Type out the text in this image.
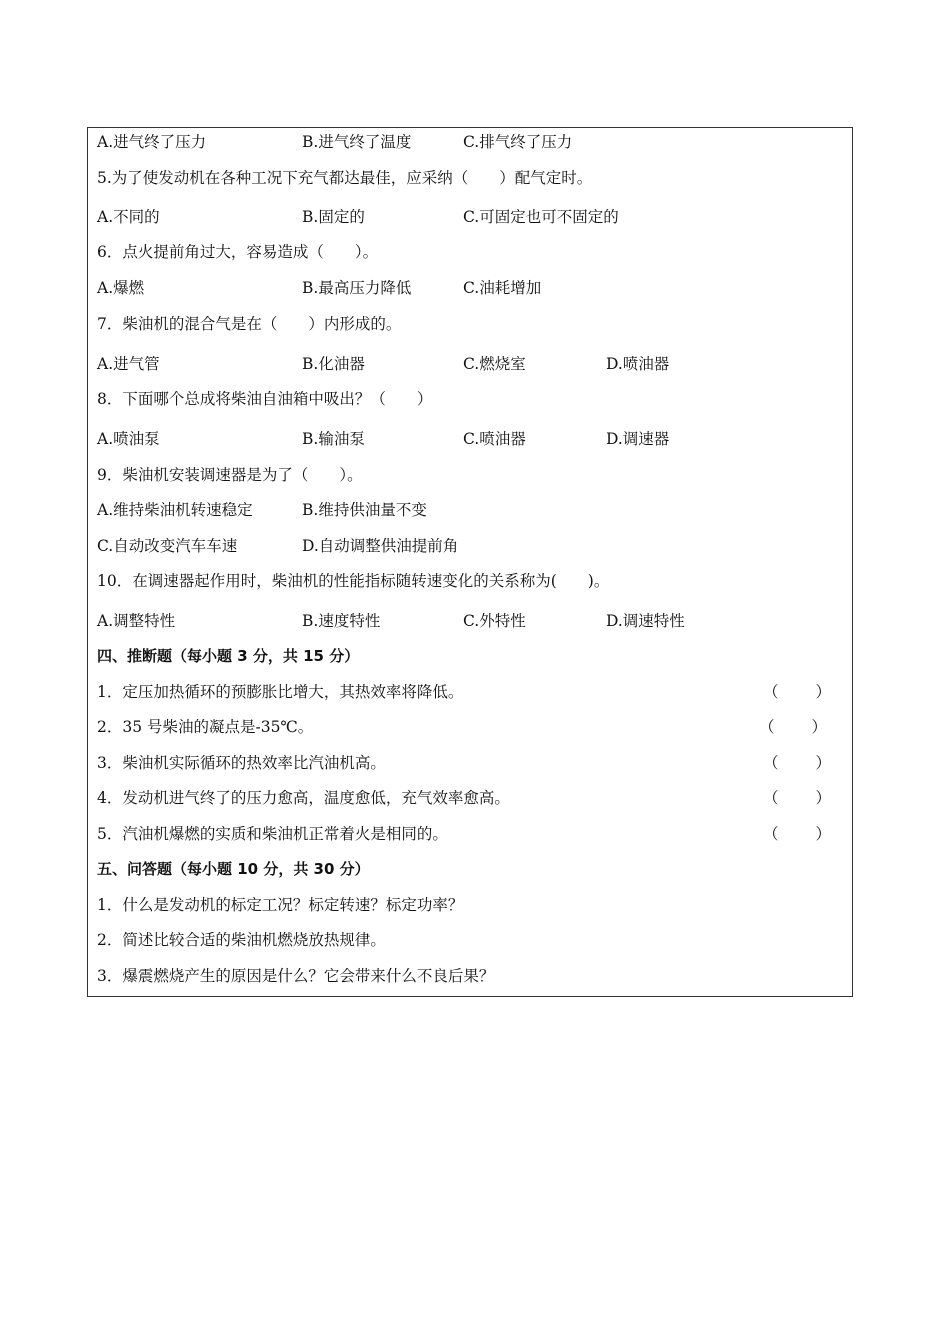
A.进气终了压力	B.进气终了温度	C.排气终了压力
5.为了使发动机在各种工况下充气都达最佳，应采纳（　　）配气定时。
A.不同的	B.固定的	C.可固定也可不固定的
6．点火提前角过大，容易造成（　　）。
A.爆燃	B.最高压力降低	C.油耗增加
7．柴油机的混合气是在（　　）内形成的。
A.进气管	B.化油器	C.燃烧室	D.喷油器
8．下面哪个总成将柴油自油箱中吸出？（　　）
A.喷油泵	B.输油泵	C.喷油器	D.调速器
9．柴油机安装调速器是为了（　　）。
A.维持柴油机转速稳定	B.维持供油量不变
C.自动改变汽车车速	D.自动调整供油提前角
10．在调速器起作用时，柴油机的性能指标随转速变化的关系称为(　　)。
A.调整特性	B.速度特性	C.外特性	D.调速特性
四、推断题（每小题 3 分，共 15 分）
1．定压加热循环的预膨胀比增大，其热效率将降低。	（　　）
2．35 号柴油的凝点是-35℃。	（　　）
3．柴油机实际循环的热效率比汽油机高。	（　　）
4．发动机进气终了的压力愈高，温度愈低，充气效率愈高。	（　　）
5．汽油机爆燃的实质和柴油机正常着火是相同的。	（　　）
五、问答题（每小题 10 分，共 30 分）
1．什么是发动机的标定工况？标定转速？标定功率？
2．简述比较合适的柴油机燃烧放热规律。
3．爆震燃烧产生的原因是什么？它会带来什么不良后果？
